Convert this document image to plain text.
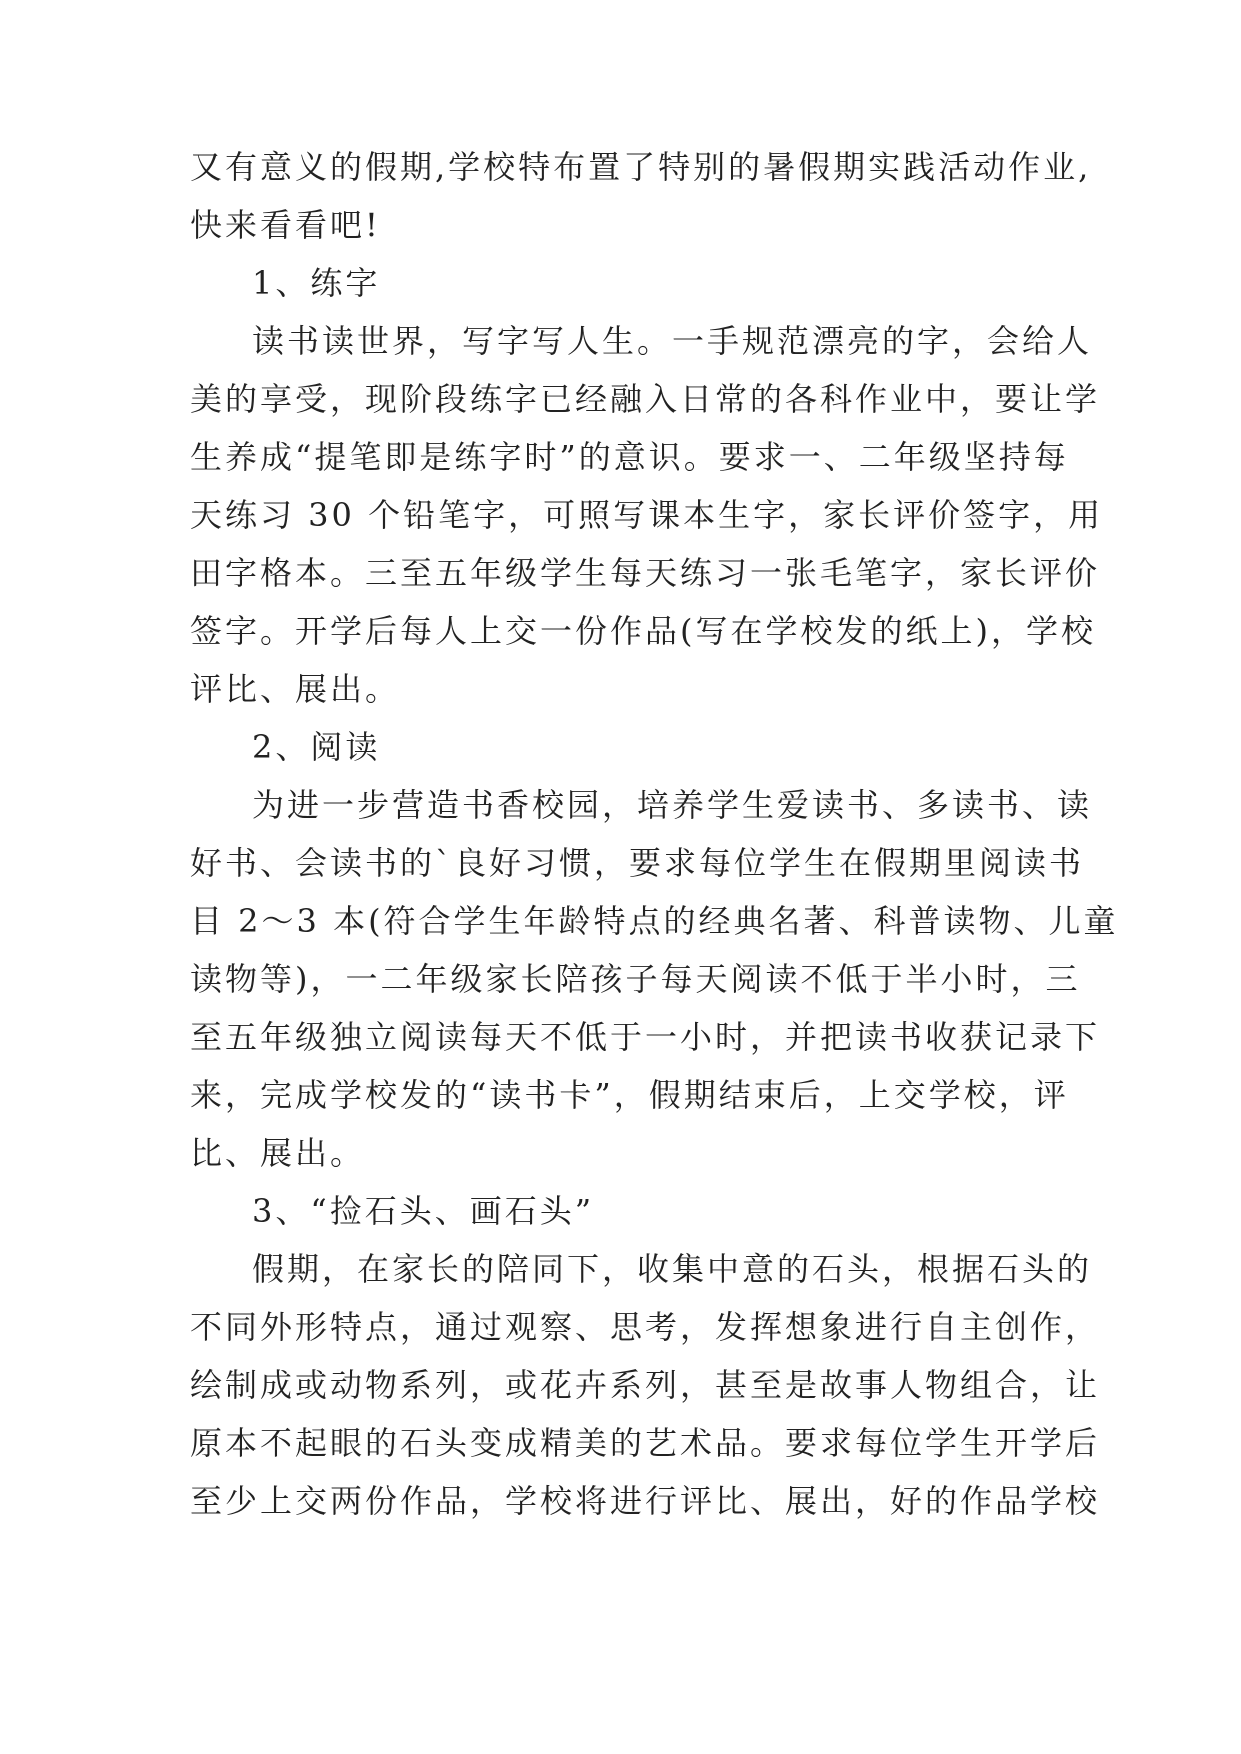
又有意义的假期,学校特布置了特别的暑假期实践活动作业,
快来看看吧!
1、练字
读书读世界，写字写人生。一手规范漂亮的字，会给人
美的享受，现阶段练字已经融入日常的各科作业中，要让学
生养成“提笔即是练字时”的意识。要求一、二年级坚持每
天练习 30 个铅笔字，可照写课本生字，家长评价签字，用
田字格本。三至五年级学生每天练习一张毛笔字，家长评价
签字。开学后每人上交一份作品(写在学校发的纸上)，学校
评比、展出。
2、阅读
为进一步营造书香校园，培养学生爱读书、多读书、读
好书、会读书的`良好习惯，要求每位学生在假期里阅读书
目 2～3 本(符合学生年龄特点的经典名著、科普读物、儿童
读物等)，一二年级家长陪孩子每天阅读不低于半小时，三
至五年级独立阅读每天不低于一小时，并把读书收获记录下
来，完成学校发的“读书卡”，假期结束后，上交学校，评
比、展出。
3、“捡石头、画石头”
假期，在家长的陪同下，收集中意的石头，根据石头的
不同外形特点，通过观察、思考，发挥想象进行自主创作，
绘制成或动物系列，或花卉系列，甚至是故事人物组合，让
原本不起眼的石头变成精美的艺术品。要求每位学生开学后
至少上交两份作品，学校将进行评比、展出，好的作品学校
